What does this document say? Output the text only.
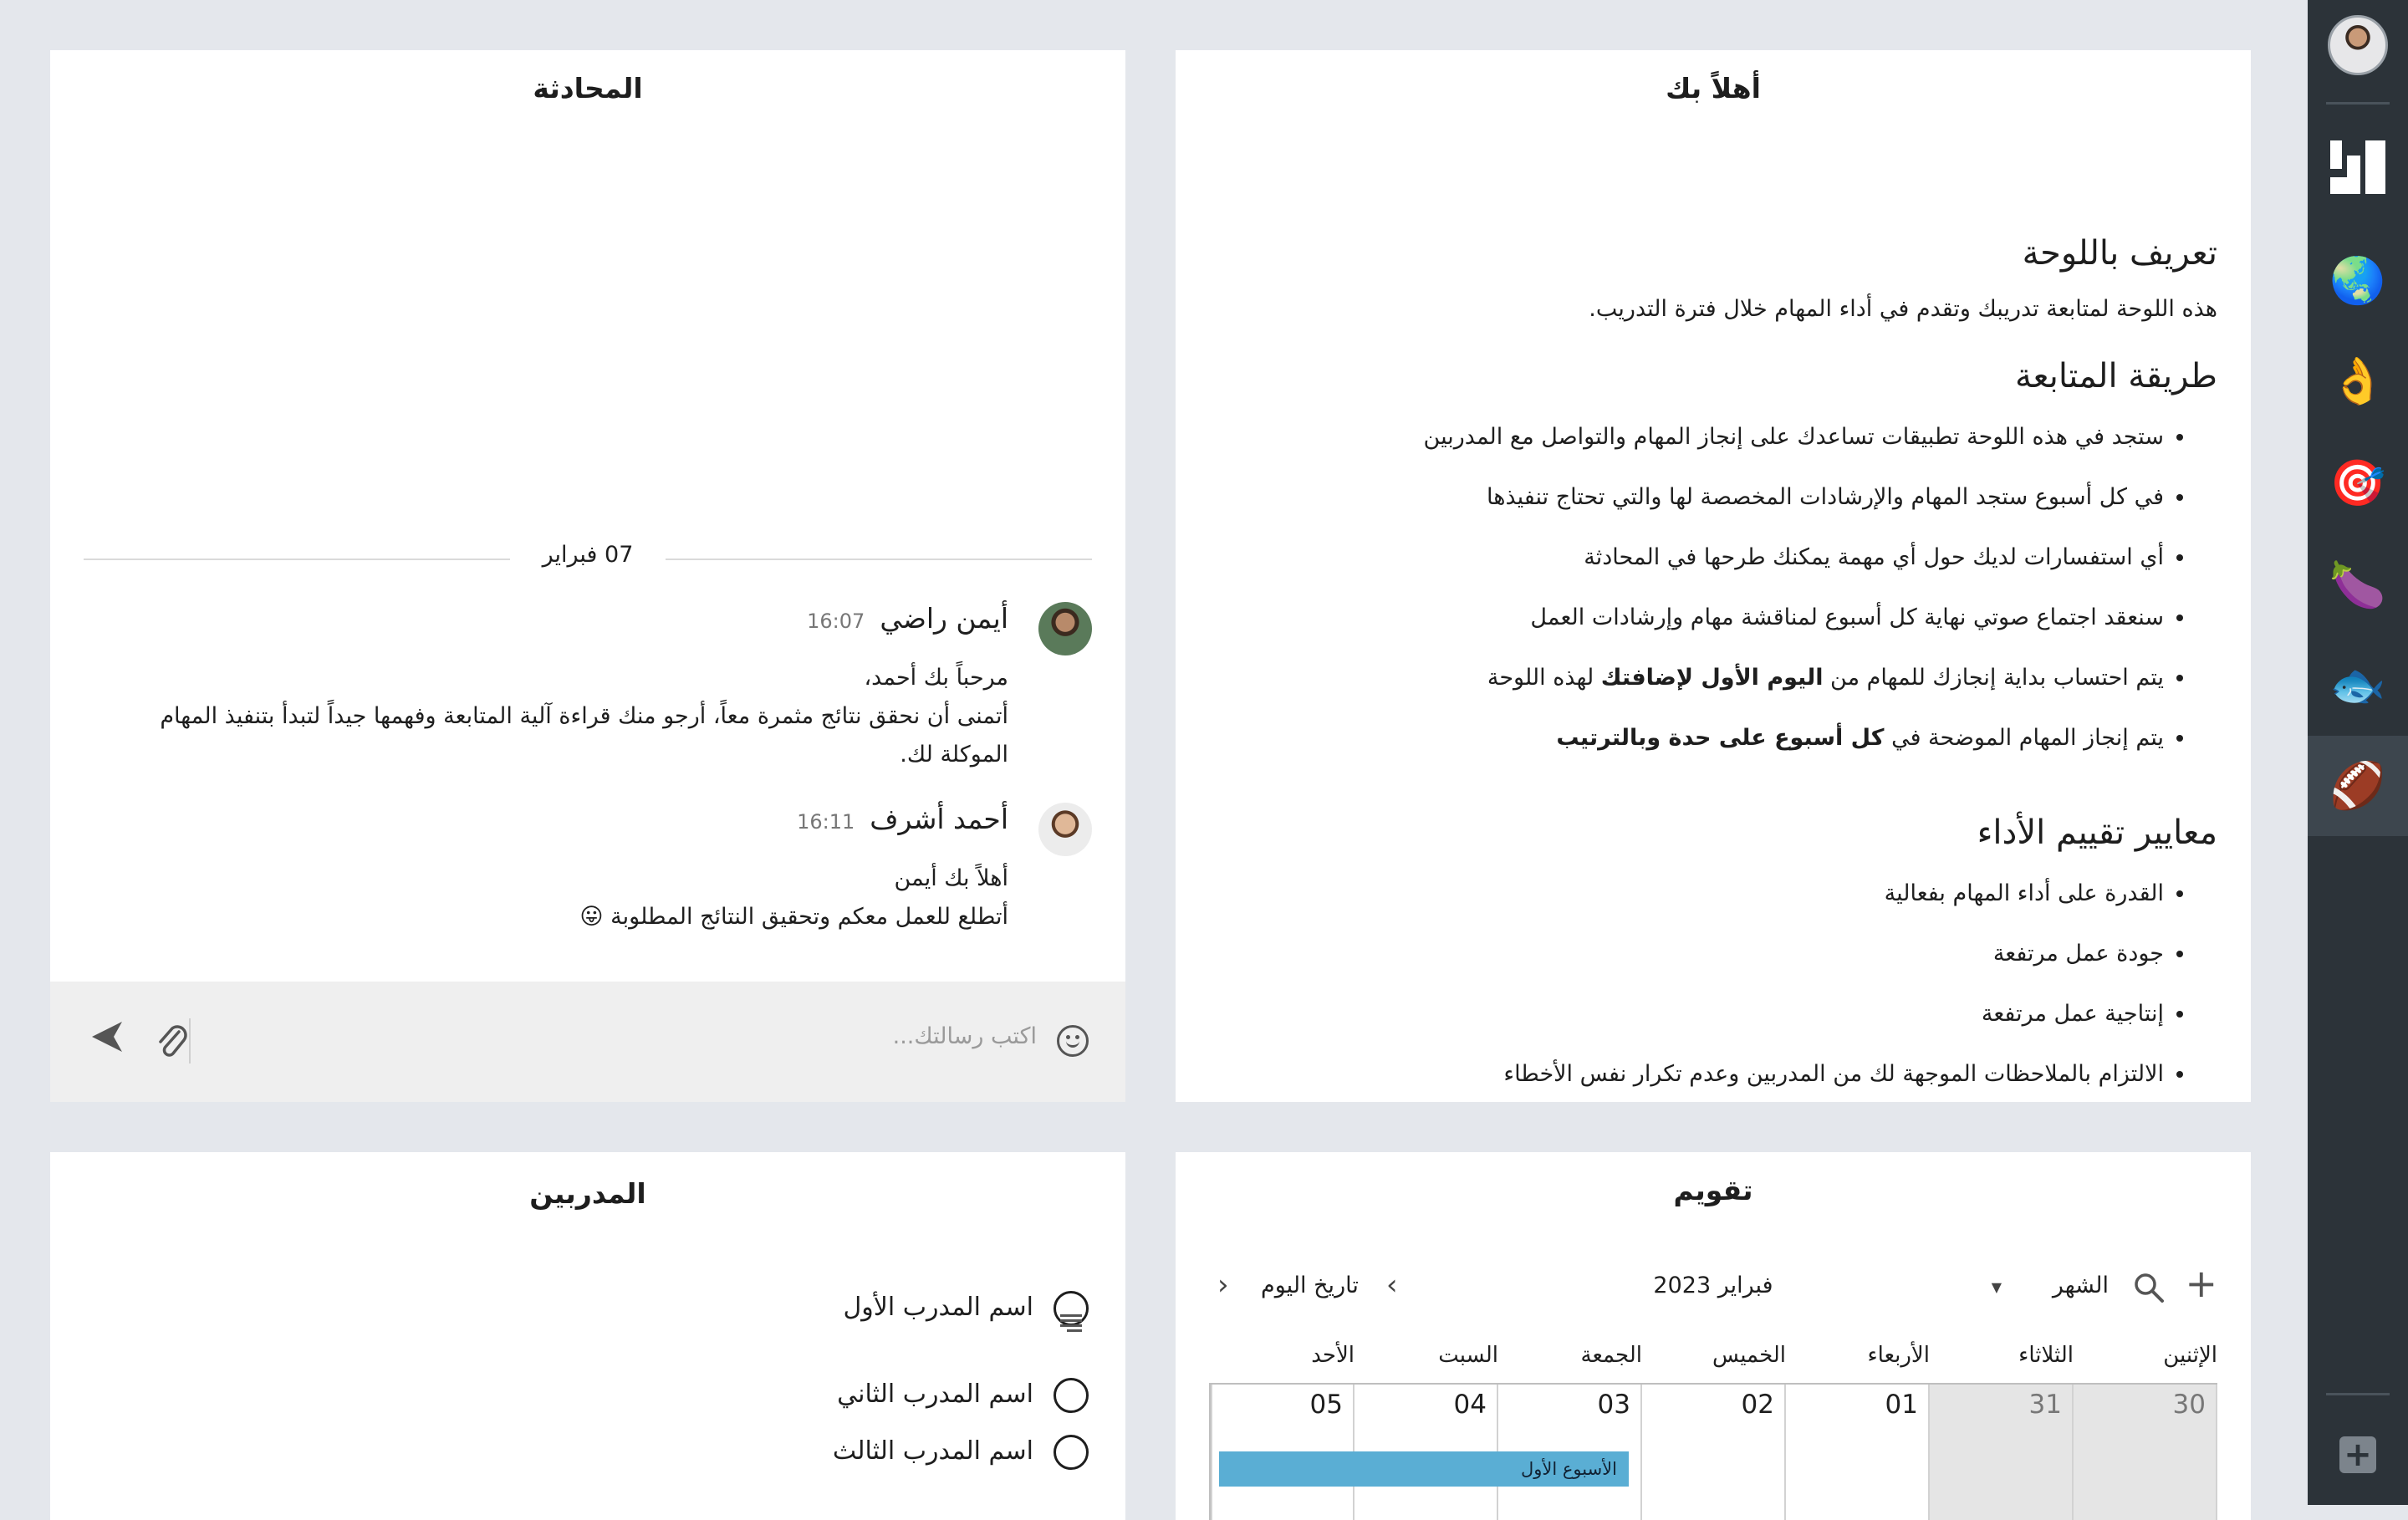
🌏
👌
🎯
🍆
🐟
🏈
+
أهلاً بك
تعريف باللوحة

هذه اللوحة لمتابعة تدريبك وتقدم في أداء المهام خلال فترة التدريب.

طريقة المتابعة
• ستجد في هذه اللوحة تطبيقات تساعدك على إنجاز المهام والتواصل مع المدربين
• في كل أسبوع ستجد المهام والإرشادات المخصصة لها والتي تحتاج تنفيذها
• أي استفسارات لديك حول أي مهمة يمكنك طرحها في المحادثة
• سنعقد اجتماع صوتي نهاية كل أسبوع لمناقشة مهام وإرشادات العمل
• يتم احتساب بداية إنجازك للمهام من اليوم الأول لإضافتك لهذه اللوحة
• يتم إنجاز المهام الموضحة في كل أسبوع على حدة وبالترتيب
معايير تقييم الأداء
• القدرة على أداء المهام بفعالية
• جودة عمل مرتفعة
• إنتاجية عمل مرتفعة
• الالتزام بالملاحظات الموجهة لك من المدربين وعدم تكرار نفس الأخطاء
المحادثة
07 فبراير
أيمن راضي16:07
مرحباً بك أحمد،
أتمنى أن نحقق نتائج مثمرة معاً، أرجو منك قراءة آلية المتابعة وفهمها جيداً لتبدأ بتنفيذ المهام الموكلة لك.
أحمد أشرف16:11
أهلاً بك أيمن
أتطلع للعمل معكم وتحقيق النتائج المطلوبة 😛
اكتب رسالتك...
المدربين
اسم المدرب الأول
اسم المدرب الثاني
اسم المدرب الثالث
تقويم
+
الشهر
▼
فبراير 2023
›
تاريخ اليوم
‹
الإثنين
الثلاثاء
الأربعاء
الخميس
الجمعة
السبت
الأحد
30
31
01
02
03
04
05
الأسبوع الأول
